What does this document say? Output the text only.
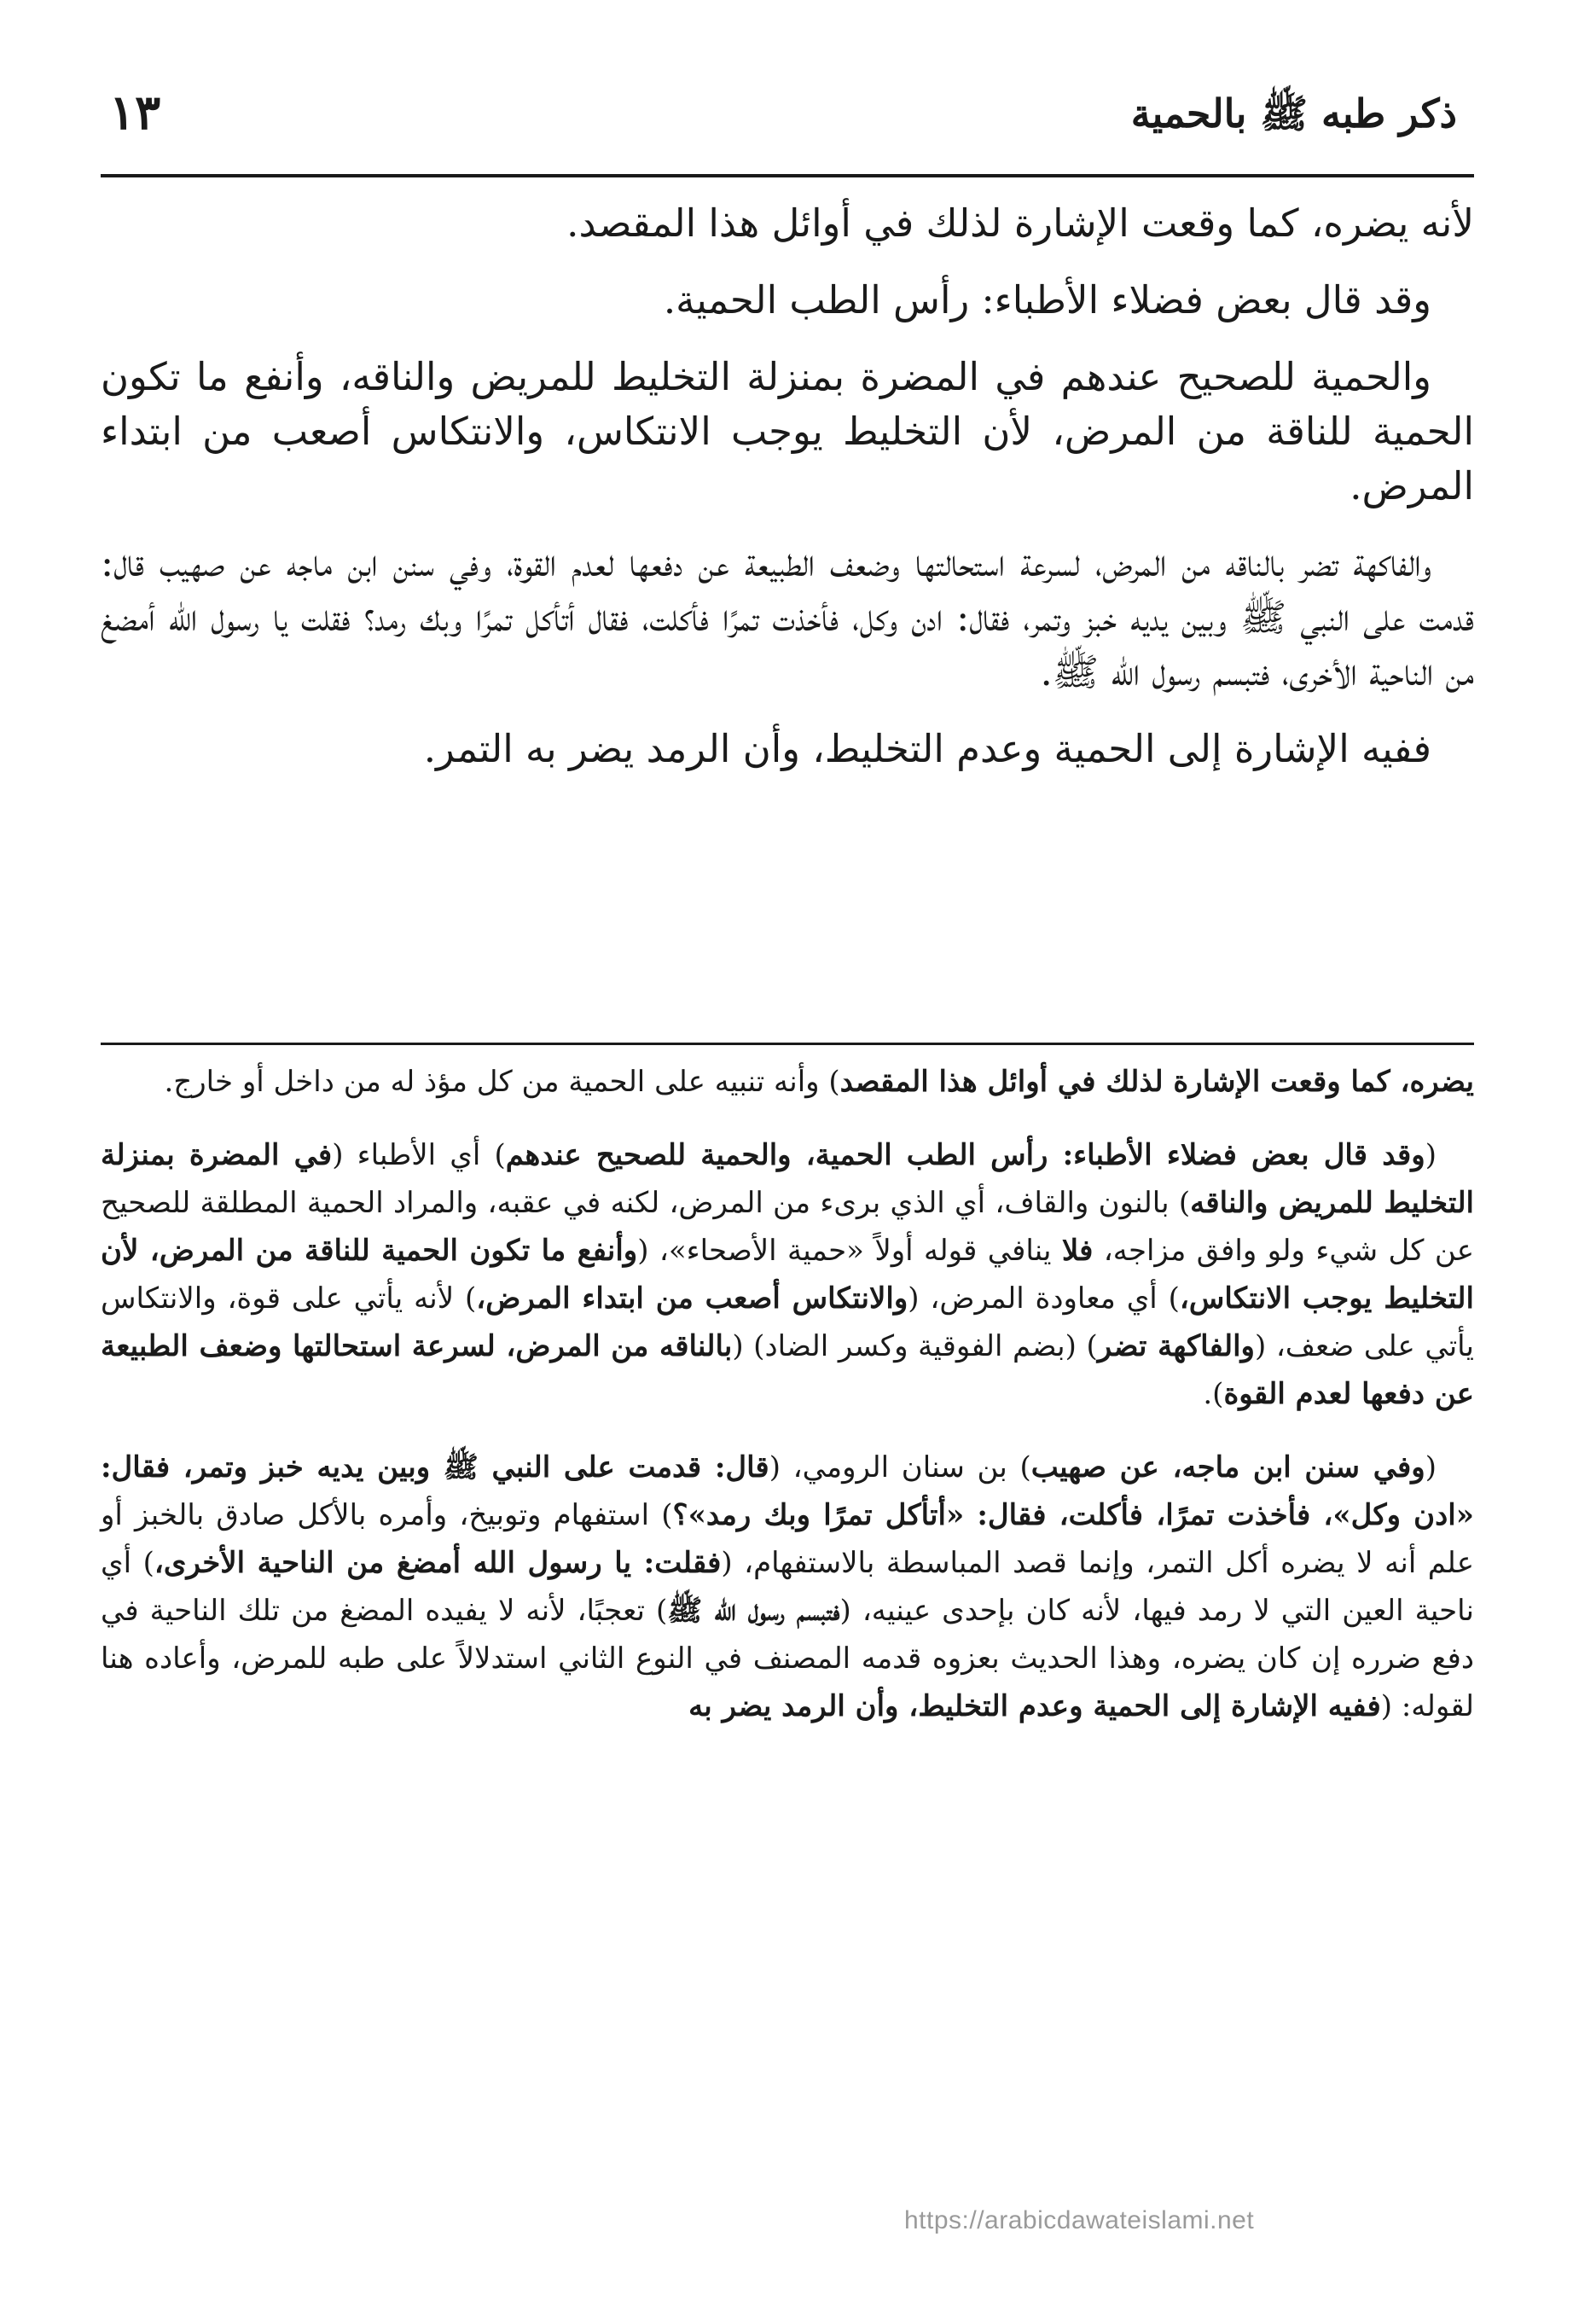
ذكر طبه ﷺ بالحمية
١٣

لأنه يضره، كما وقعت الإشارة لذلك في أوائل هذا المقصد.

وقد قال بعض فضلاء الأطباء: رأس الطب الحمية.

والحمية للصحيح عندهم في المضرة بمنزلة التخليط للمريض والناقه، وأنفع ما تكون الحمية للناقة من المرض، لأن التخليط يوجب الانتكاس، والانتكاس أصعب من ابتداء المرض.

والفاكهة تضر بالناقه من المرض، لسرعة استحالتها وضعف الطبيعة عن دفعها لعدم القوة، وفي سنن ابن ماجه عن صهيب قال: قدمت على النبي ﷺ وبين يديه خبز وتمر، فقال: ادن وكل، فأخذت تمرًا فأكلت، فقال أتأكل تمرًا وبك رمد؟ فقلت يا رسول الله أمضغ من الناحية الأخرى، فتبسم رسول الله ﷺ.

ففيه الإشارة إلى الحمية وعدم التخليط، وأن الرمد يضر به التمر.

يضره، كما وقعت الإشارة لذلك في أوائل هذا المقصد) وأنه تنبيه على الحمية من كل مؤذ له من داخل أو خارج.

(وقد قال بعض فضلاء الأطباء: رأس الطب الحمية، والحمية للصحيح عندهم) أي الأطباء (في المضرة بمنزلة التخليط للمريض والناقه) بالنون والقاف، أي الذي برىء من المرض، لكنه في عقبه، والمراد الحمية المطلقة للصحيح عن كل شيء ولو وافق مزاجه، فلا ينافي قوله أولاً «حمية الأصحاء»، (وأنفع ما تكون الحمية للناقة من المرض، لأن التخليط يوجب الانتكاس،) أي معاودة المرض، (والانتكاس أصعب من ابتداء المرض،) لأنه يأتي على قوة، والانتكاس يأتي على ضعف، (والفاكهة تضر) (بضم الفوقية وكسر الضاد) (بالناقه من المرض، لسرعة استحالتها وضعف الطبيعة عن دفعها لعدم القوة).

(وفي سنن ابن ماجه، عن صهيب) بن سنان الرومي، (قال: قدمت على النبي ﷺ وبين يديه خبز وتمر، فقال: «ادن وكل»، فأخذت تمرًا، فأكلت، فقال: «أتأكل تمرًا وبك رمد»؟) استفهام وتوبيخ، وأمره بالأكل صادق بالخبز أو علم أنه لا يضره أكل التمر، وإنما قصد المباسطة بالاستفهام، (فقلت: يا رسول الله أمضغ من الناحية الأخرى،) أي ناحية العين التي لا رمد فيها، لأنه كان بإحدى عينيه، (فتبسم رسول الله ﷺ) تعجبًا، لأنه لا يفيده المضغ من تلك الناحية في دفع ضرره إن كان يضره، وهذا الحديث بعزوه قدمه المصنف في النوع الثاني استدلالاً على طبه للمرض، وأعاده هنا لقوله: (ففيه الإشارة إلى الحمية وعدم التخليط، وأن الرمد يضر به

https://arabicdawateislami.net
